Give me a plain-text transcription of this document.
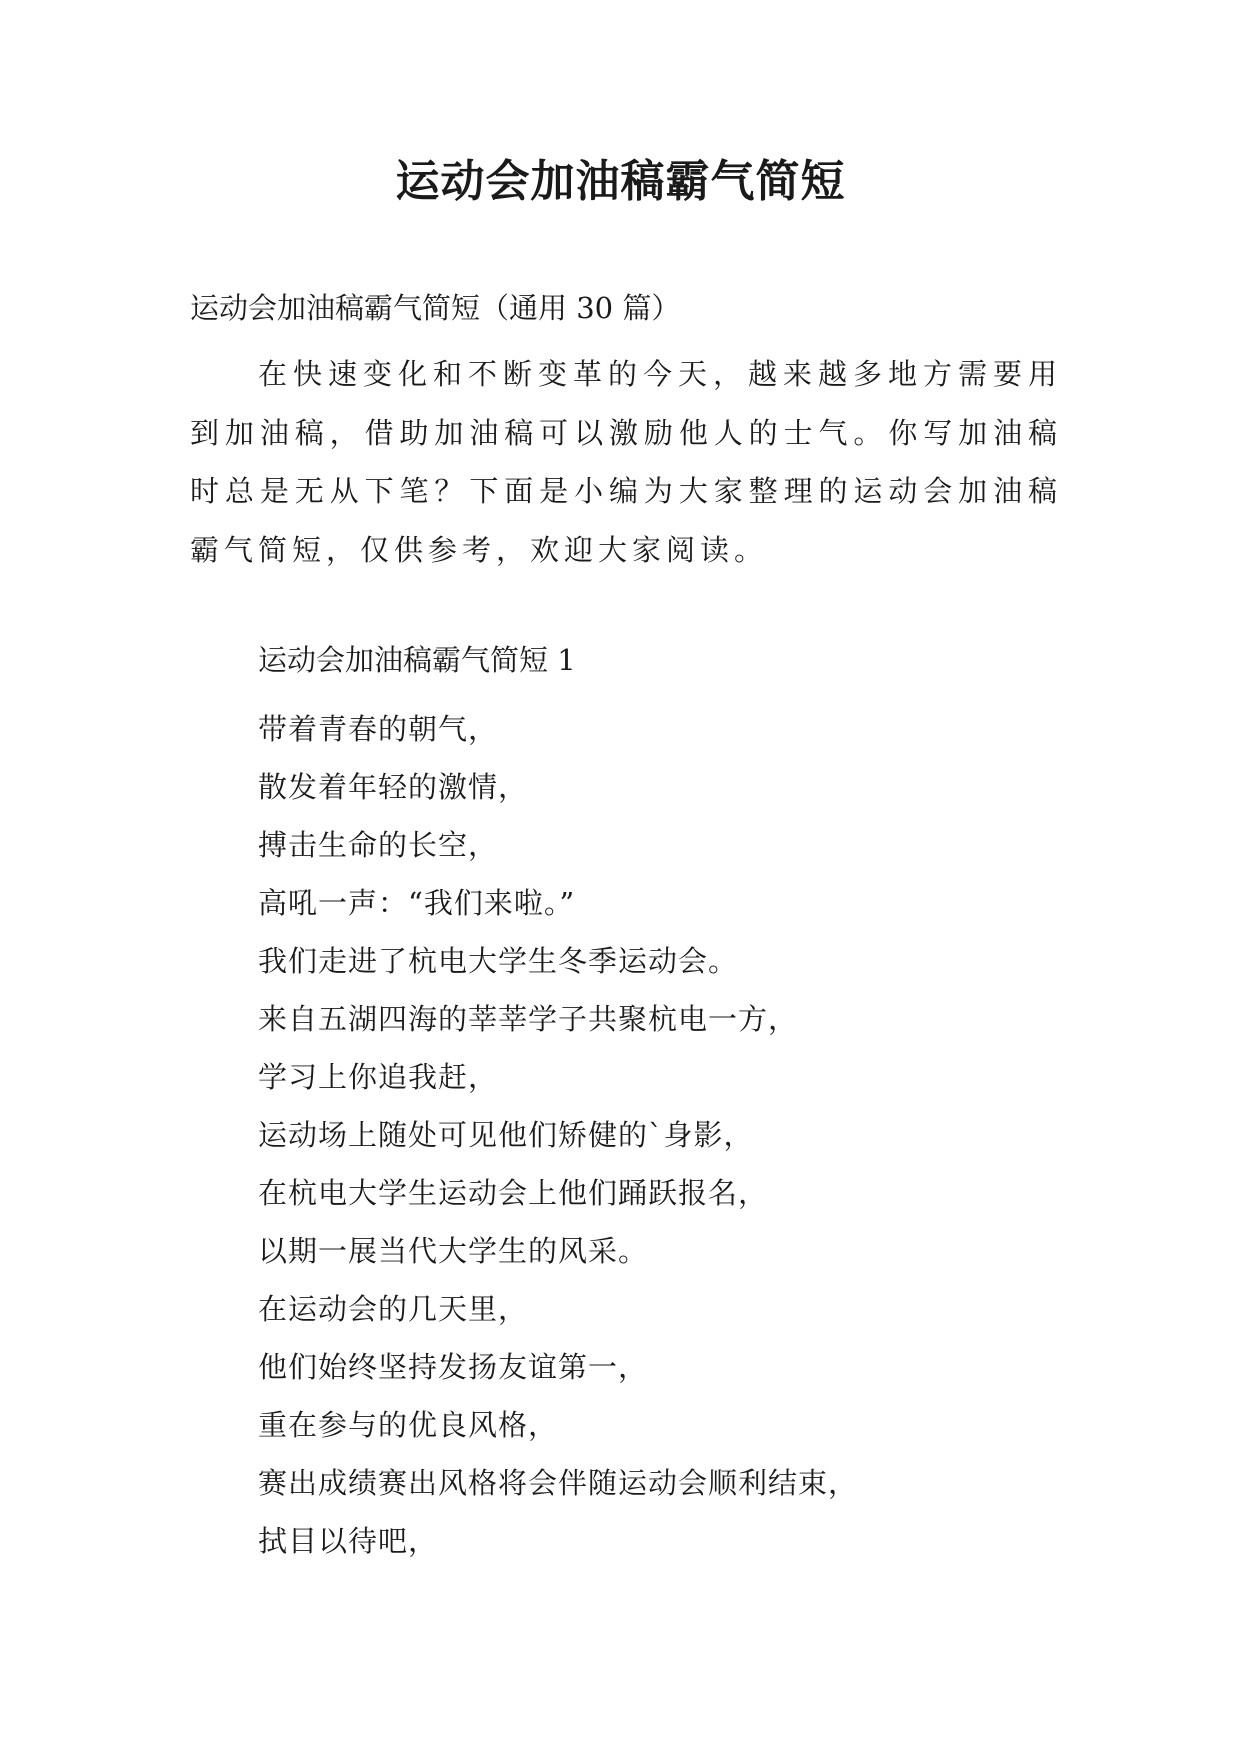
运动会加油稿霸气简短

运动会加油稿霸气简短（通用 30 篇）

在快速变化和不断变革的今天，越来越多地方需要用到加油稿，借助加油稿可以激励他人的士气。你写加油稿时总是无从下笔？下面是小编为大家整理的运动会加油稿霸气简短，仅供参考，欢迎大家阅读。

运动会加油稿霸气简短 1

带着青春的朝气，
散发着年轻的激情，
搏击生命的长空，
高吼一声：“我们来啦。”
我们走进了杭电大学生冬季运动会。
来自五湖四海的莘莘学子共聚杭电一方，
学习上你追我赶，
运动场上随处可见他们矫健的`身影，
在杭电大学生运动会上他们踊跃报名，
以期一展当代大学生的风采。
在运动会的几天里，
他们始终坚持发扬友谊第一，
重在参与的优良风格，
赛出成绩赛出风格将会伴随运动会顺利结束，
拭目以待吧，
